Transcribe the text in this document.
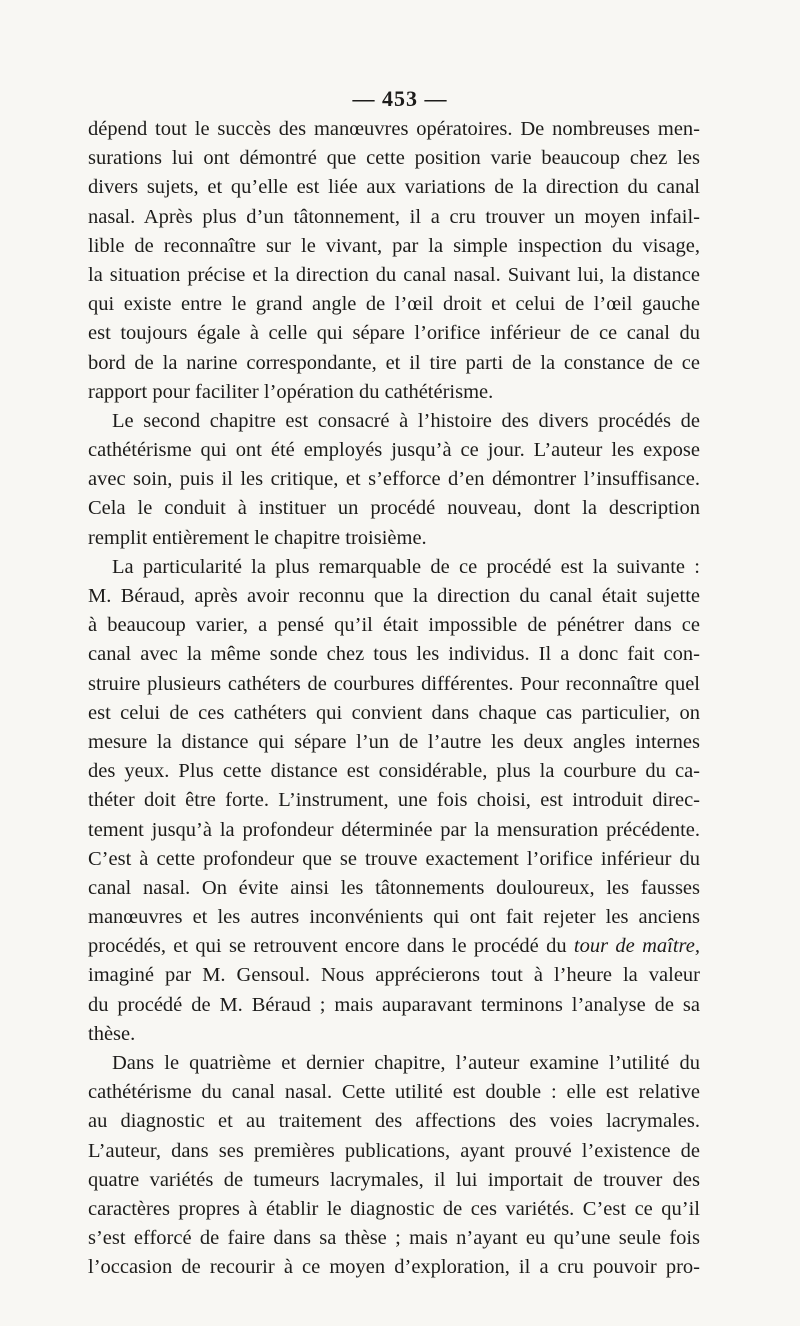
— 453 —
dépend tout le succès des manœuvres opératoires. De nombreuses men-
surations lui ont démontré que cette position varie beaucoup chez les
divers sujets, et qu’elle est liée aux variations de la direction du canal
nasal. Après plus d’un tâtonnement, il a cru trouver un moyen infail-
lible de reconnaître sur le vivant, par la simple inspection du visage,
la situation précise et la direction du canal nasal. Suivant lui, la distance
qui existe entre le grand angle de l’œil droit et celui de l’œil gauche
est toujours égale à celle qui sépare l’orifice inférieur de ce canal du
bord de la narine correspondante, et il tire parti de la constance de ce
rapport pour faciliter l’opération du cathétérisme.
Le second chapitre est consacré à l’histoire des divers procédés de
cathétérisme qui ont été employés jusqu’à ce jour. L’auteur les expose
avec soin, puis il les critique, et s’efforce d’en démontrer l’insuffisance.
Cela le conduit à instituer un procédé nouveau, dont la description
remplit entièrement le chapitre troisième.
La particularité la plus remarquable de ce procédé est la suivante :
M. Béraud, après avoir reconnu que la direction du canal était sujette
à beaucoup varier, a pensé qu’il était impossible de pénétrer dans ce
canal avec la même sonde chez tous les individus. Il a donc fait con-
struire plusieurs cathéters de courbures différentes. Pour reconnaître quel
est celui de ces cathéters qui convient dans chaque cas particulier, on
mesure la distance qui sépare l’un de l’autre les deux angles internes
des yeux. Plus cette distance est considérable, plus la courbure du ca-
théter doit être forte. L’instrument, une fois choisi, est introduit direc-
tement jusqu’à la profondeur déterminée par la mensuration précédente.
C’est à cette profondeur que se trouve exactement l’orifice inférieur du
canal nasal. On évite ainsi les tâtonnements douloureux, les fausses
manœuvres et les autres inconvénients qui ont fait rejeter les anciens
procédés, et qui se retrouvent encore dans le procédé du tour de maître,
imaginé par M. Gensoul. Nous apprécierons tout à l’heure la valeur
du procédé de M. Béraud ; mais auparavant terminons l’analyse de sa
thèse.
Dans le quatrième et dernier chapitre, l’auteur examine l’utilité du
cathétérisme du canal nasal. Cette utilité est double : elle est relative
au diagnostic et au traitement des affections des voies lacrymales.
L’auteur, dans ses premières publications, ayant prouvé l’existence de
quatre variétés de tumeurs lacrymales, il lui importait de trouver des
caractères propres à établir le diagnostic de ces variétés. C’est ce qu’il
s’est efforcé de faire dans sa thèse ; mais n’ayant eu qu’une seule fois
l’occasion de recourir à ce moyen d’exploration, il a cru pouvoir pro-
